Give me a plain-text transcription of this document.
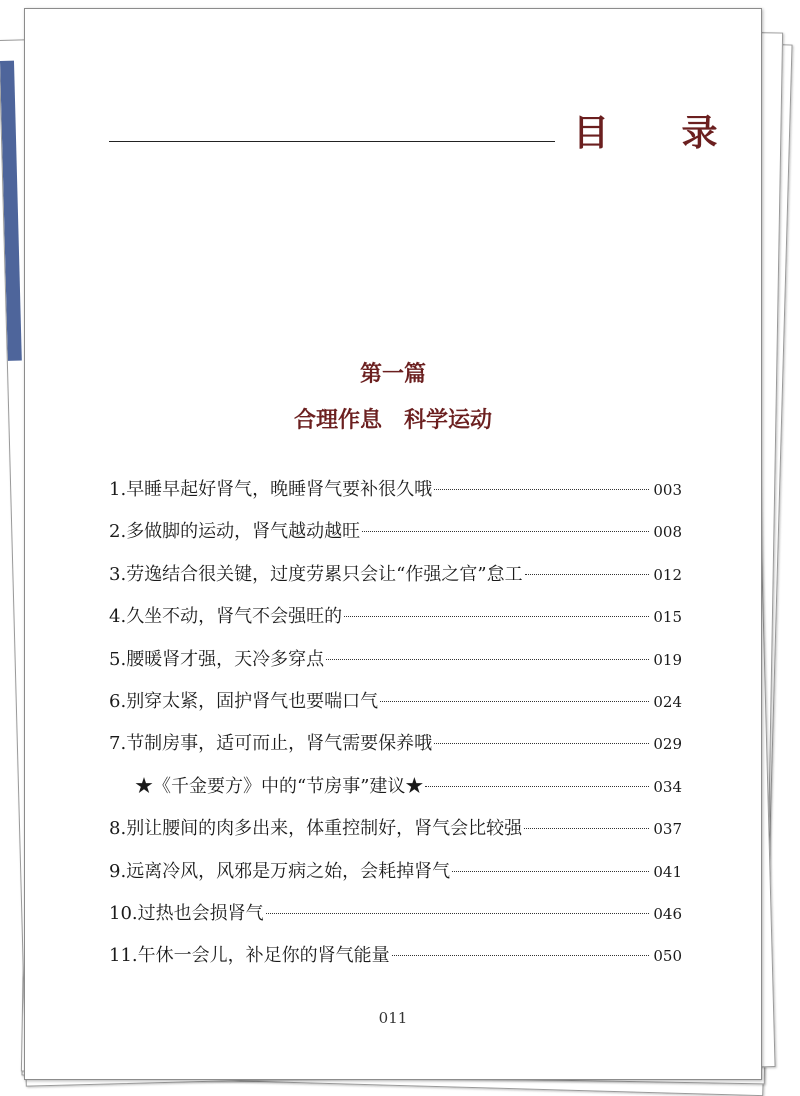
目 录
第一篇
合理作息　科学运动
1. 早睡早起好肾气，晚睡肾气要补很久哦	003
2. 多做脚的运动，肾气越动越旺	008
3. 劳逸结合很关键，过度劳累只会让“作强之官”怠工	012
4. 久坐不动，肾气不会强旺的	015
5. 腰暖肾才强，天冷多穿点	019
6. 别穿太紧，固护肾气也要喘口气	024
7. 节制房事，适可而止，肾气需要保养哦	029
★《千金要方》中的“节房事”建议★	034
8. 别让腰间的肉多出来，体重控制好，肾气会比较强	037
9. 远离冷风，风邪是万病之始，会耗掉肾气	041
10. 过热也会损肾气	046
11. 午休一会儿，补足你的肾气能量	050
011
